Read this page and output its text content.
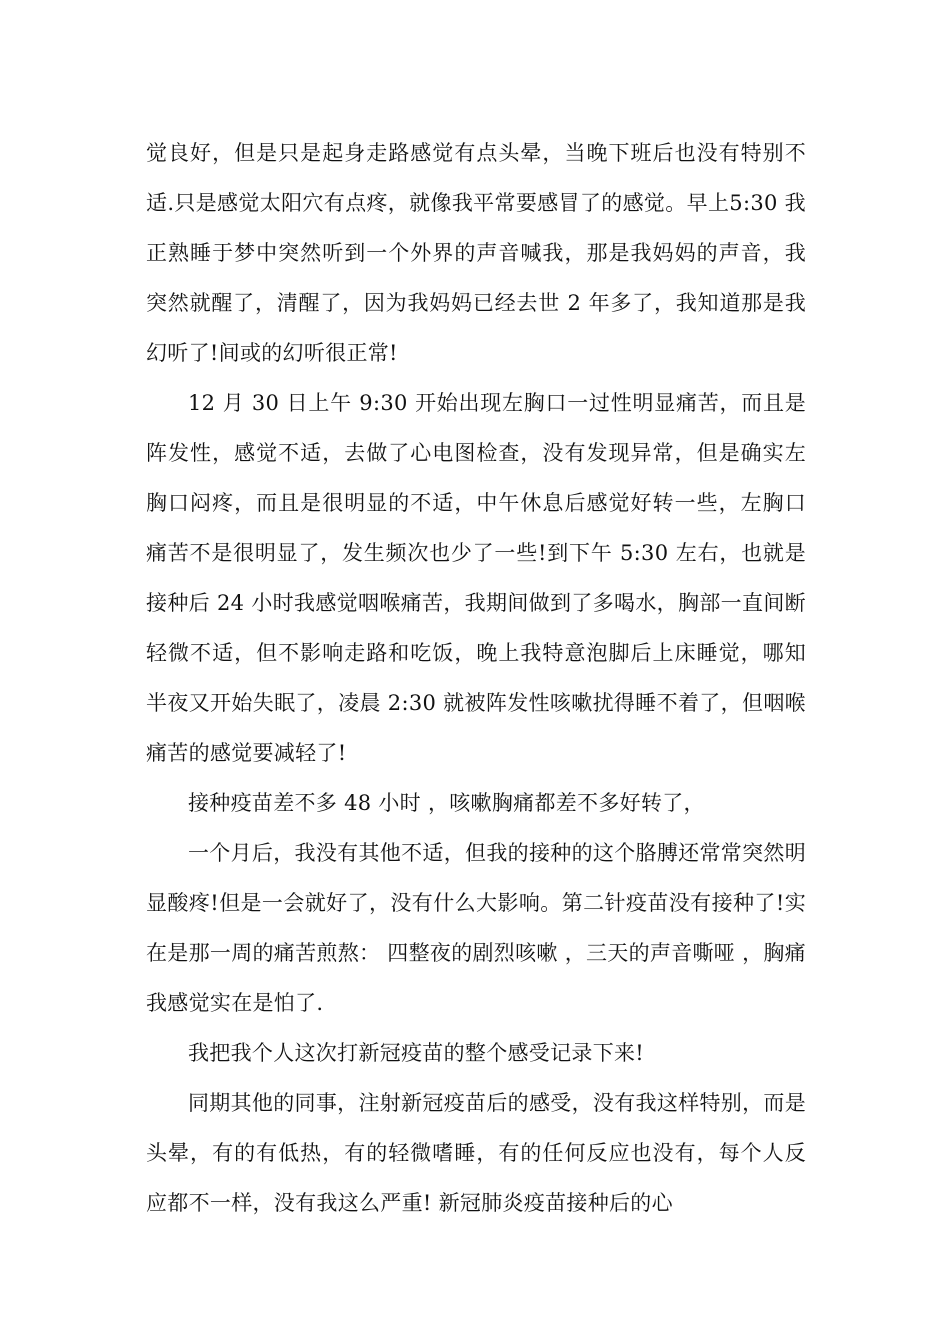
觉良好，但是只是起身走路感觉有点头晕，当晚下班后也没有特别不适.只是感觉太阳穴有点疼，就像我平常要感冒了的感觉。早上5:30 我正熟睡于梦中突然听到一个外界的声音喊我，那是我妈妈的声音，我突然就醒了，清醒了，因为我妈妈已经去世 2 年多了，我知道那是我幻听了!间或的幻听很正常!

12 月 30 日上午 9:30 开始出现左胸口一过性明显痛苦，而且是阵发性，感觉不适，去做了心电图检查，没有发现异常，但是确实左胸口闷疼，而且是很明显的不适，中午休息后感觉好转一些，左胸口痛苦不是很明显了，发生频次也少了一些!到下午 5:30 左右，也就是接种后 24 小时我感觉咽喉痛苦，我期间做到了多喝水，胸部一直间断轻微不适，但不影响走路和吃饭，晚上我特意泡脚后上床睡觉，哪知半夜又开始失眠了，凌晨 2:30 就被阵发性咳嗽扰得睡不着了，但咽喉痛苦的感觉要减轻了!

接种疫苗差不多 48 小时 ，咳嗽胸痛都差不多好转了，

一个月后，我没有其他不适，但我的接种的这个胳膊还常常突然明显酸疼!但是一会就好了，没有什么大影响。第二针疫苗没有接种了!实在是那一周的痛苦煎熬： 四整夜的剧烈咳嗽 ，三天的声音嘶哑 ，胸痛 我感觉实在是怕了.

我把我个人这次打新冠疫苗的整个感受记录下来!

同期其他的同事，注射新冠疫苗后的感受，没有我这样特别，而是头晕，有的有低热，有的轻微嗜睡，有的任何反应也没有，每个人反应都不一样，没有我这么严重! 新冠肺炎疫苗接种后的心
